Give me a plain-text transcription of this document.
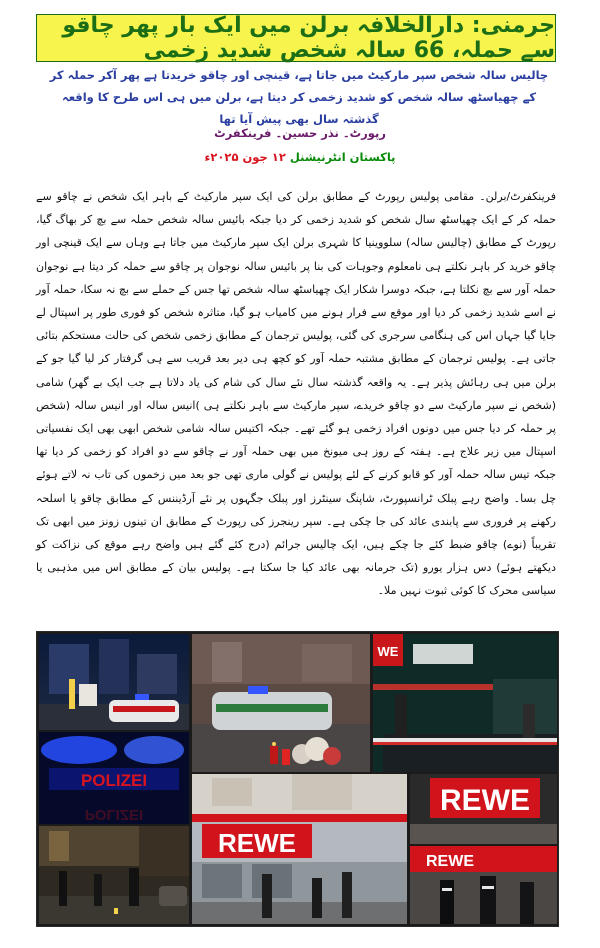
جرمنی: دارالخلافہ برلن میں ایک بار پھر چاقو سے حملہ، 66 سالہ شخص شدید زخمی
چالیس سالہ شخص سپر مارکیٹ میں جاتا ہے، قینچی اور چاقو خریدتا ہے پھر آکر حملہ کر کے چھیاسٹھ سالہ شخص کو شدید زخمی کر دیتا ہے، برلن میں ہی اس طرح کا واقعہ گذشتہ سال بھی پیش آیا تھا
رپورٹ۔ نذر حسین۔ فرینکفرٹ
پاکستان انٹرنیشنل ۱۲ جون ۲۰۲۵ء
فرینکفرٹ/برلن۔ مقامی پولیس رپورٹ کے مطابق برلن کی ایک سپر مارکیٹ کے باہر ایک شخص نے چاقو سے حملہ کر کے ایک چھیاسٹھ سال شخص کو شدید زخمی کر دیا جبکہ بائیس سالہ شخص حملہ سے بچ کر بھاگ گیا، رپورٹ کے مطابق (چالیس سالہ) سلووینیا کا شہری برلن ایک سپر مارکیٹ میں جاتا ہے وہاں سے ایک قینچی اور چاقو خرید کر باہر نکلتے ہی نامعلوم وجوہات کی بنا پر بائیس سالہ نوجوان پر چاقو سے حملہ کر دیتا ہے نوجوان حملہ آور سے بچ نکلتا ہے، جبکہ دوسرا شکار ایک چھیاسٹھ سالہ شخص تھا جس کے حملے سے بچ نہ سکا، حملہ آور نے اسے شدید زخمی کر دیا اور موقع سے فرار ہونے میں کامیاب ہو گیا، متاثرہ شخص کو فوری طور پر اسپتال لے جایا گیا جہاں اس کی ہنگامی سرجری کی گئی، پولیس ترجمان کے مطابق زخمی شخص کی حالت مستحکم بتائی جاتی ہے۔ پولیس ترجمان کے مطابق مشتبہ حملہ آور کو کچھ ہی دیر بعد قریب سے ہی گرفتار کر لیا گیا جو کے برلن میں ہی رہائش پذیر ہے۔ یہ واقعہ گذشتہ سال نئے سال کی شام کی یاد دلاتا ہے جب ایک بے گھر) شامی (شخص نے سپر مارکیٹ سے دو چاقو خریدے، سپر مارکیٹ سے باہر نکلتے ہی )انیس سالہ اور انیس سالہ (شخص پر حملہ کر دیا جس میں دونوں افراد زخمی ہو گئے تھے۔ جبکہ اکتیس سالہ شامی شخص ابھی بھی ایک نفسیاتی اسپتال میں زیر علاج ہے۔ ہفتہ کے روز ہی میونخ میں بھی حملہ آور نے چاقو سے دو افراد کو زخمی کر دیا تھا جبکہ تیس سالہ حملہ آور کو قابو کرنے کے لئے پولیس نے گولی ماری تھی جو بعد میں زخموں کی تاب نہ لاتے ہوئے چل بسا۔ واضح رہے پبلک ٹرانسپورٹ، شاپنگ سینٹرز اور پبلک جگہوں پر نئے آرڈیننس کے مطابق چاقو یا اسلحہ رکھنے پر فروری سے پابندی عائد کی جا چکی ہے۔ سپر رینجرز کی رپورٹ کے مطابق ان تینوں زونز میں ابھی تک تقریباً (نوے) چاقو ضبط کئے جا چکے ہیں، ایک چالیس جرائم (درج کئے گئے ہیں واضح رہے موقع کی نزاکت کو دیکھتے ہوئے) دس ہزار یورو (تک جرمانہ بھی عائد کیا جا سکتا ہے۔ پولیس بیان کے مطابق اس میں مذہبی یا سیاسی محرک کا کوئی ثبوت نہیں ملا۔
WE
POLIZEI
POLIZEI
REWE
REWE
REWE
